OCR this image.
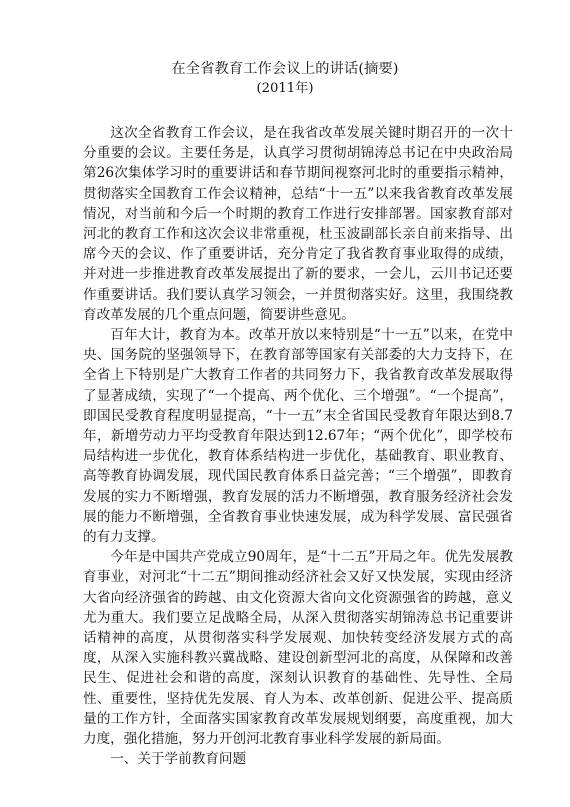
在全省教育工作会议上的讲话(摘要)
(2011年)

这次全省教育工作会议，是在我省改革发展关键时期召开的一次十分重要的会议。主要任务是，认真学习贯彻胡锦涛总书记在中央政治局第26次集体学习时的重要讲话和春节期间视察河北时的重要指示精神，贯彻落实全国教育工作会议精神，总结“十一五”以来我省教育改革发展情况，对当前和今后一个时期的教育工作进行安排部署。国家教育部对河北的教育工作和这次会议非常重视，杜玉波副部长亲自前来指导、出席今天的会议、作了重要讲话，充分肯定了我省教育事业取得的成绩，并对进一步推进教育改革发展提出了新的要求，一会儿，云川书记还要作重要讲话。我们要认真学习领会，一并贯彻落实好。这里，我围绕教育改革发展的几个重点问题，简要讲些意见。

百年大计，教育为本。改革开放以来特别是“十一五”以来，在党中央、国务院的坚强领导下，在教育部等国家有关部委的大力支持下，在全省上下特别是广大教育工作者的共同努力下，我省教育改革发展取得了显著成绩，实现了“一个提高、两个优化、三个增强”。“一个提高”，即国民受教育程度明显提高，“十一五”末全省国民受教育年限达到8.7年，新增劳动力平均受教育年限达到12.67年；“两个优化”，即学校布局结构进一步优化，教育体系结构进一步优化，基础教育、职业教育、高等教育协调发展，现代国民教育体系日益完善；“三个增强”，即教育发展的实力不断增强，教育发展的活力不断增强，教育服务经济社会发展的能力不断增强，全省教育事业快速发展，成为科学发展、富民强省的有力支撑。

今年是中国共产党成立90周年，是“十二五”开局之年。优先发展教育事业，对河北“十二五”期间推动经济社会又好又快发展，实现由经济大省向经济强省的跨越、由文化资源大省向文化资源强省的跨越，意义尤为重大。我们要立足战略全局，从深入贯彻落实胡锦涛总书记重要讲话精神的高度，从贯彻落实科学发展观、加快转变经济发展方式的高度，从深入实施科教兴冀战略、建设创新型河北的高度，从保障和改善民生、促进社会和谐的高度，深刻认识教育的基础性、先导性、全局性、重要性，坚持优先发展、育人为本、改革创新、促进公平、提高质量的工作方针，全面落实国家教育改革发展规划纲要，高度重视，加大力度，强化措施，努力开创河北教育事业科学发展的新局面。

一、关于学前教育问题
